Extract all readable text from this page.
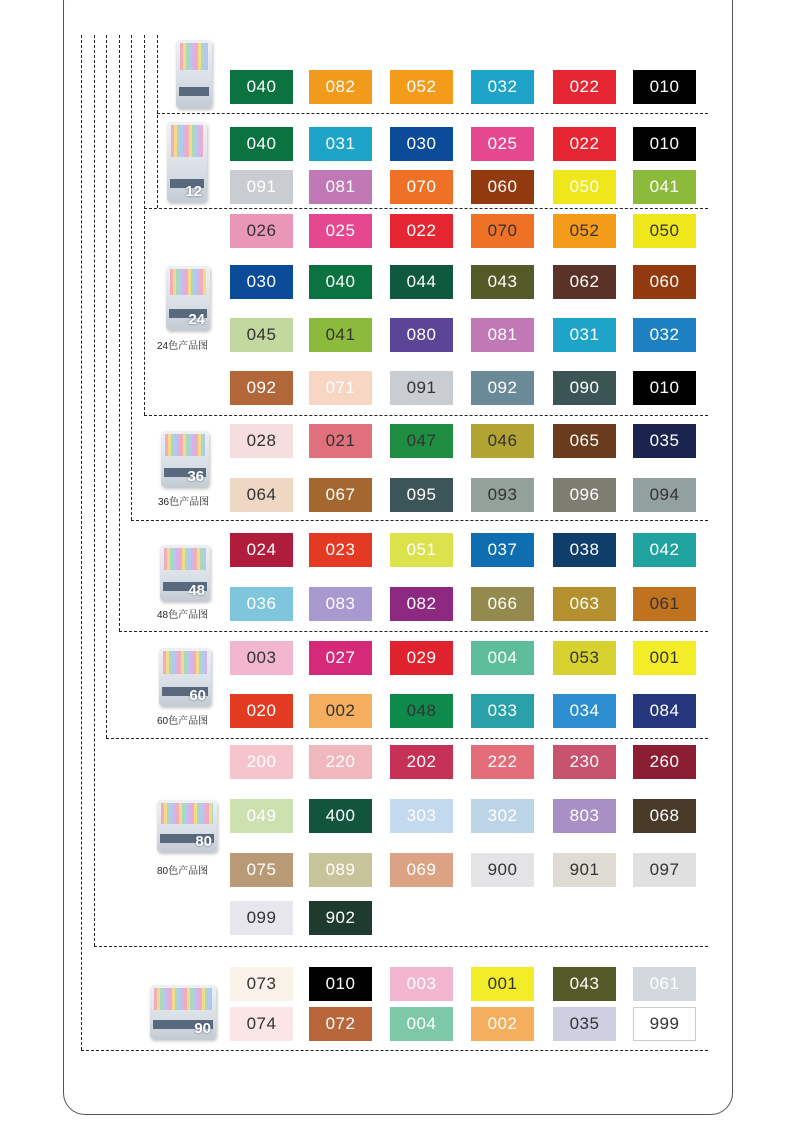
040	082	052	032	022	010
040	031	030	025	022	010
091	081	070	060	050	041
12
026	025	022	070	052	050
030	040	044	043	062	060
045	041	080	081	031	032
092	071	091	092	090	010
24
24色产品图
028	021	047	046	065	035
064	067	095	093	096	094
36
36色产品图
024	023	051	037	038	042
036	083	082	066	063	061
48
48色产品图
003	027	029	004	053	001
020	002	048	033	034	084
60
60色产品图
200	220	202	222	230	260
049	400	303	302	803	068
075	089	069	900	901	097
099	902
80
80色产品图
073	010	003	001	043	061
074	072	004	002	035	999
90
